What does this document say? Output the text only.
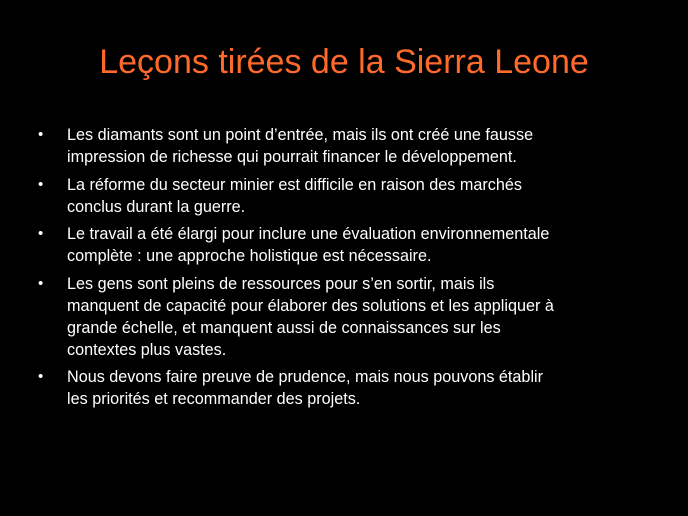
Leçons tirées de la Sierra Leone
• Les diamants sont un point d’entrée, mais ils ont créé une fausse
impression de richesse qui pourrait financer le développement.
• La réforme du secteur minier est difficile en raison des marchés
conclus durant la guerre.
• Le travail a été élargi pour inclure une évaluation environnementale
complète : une approche holistique est nécessaire.
• Les gens sont pleins de ressources pour s’en sortir, mais ils
manquent de capacité pour élaborer des solutions et les appliquer à
grande échelle, et manquent aussi de connaissances sur les
contextes plus vastes.
• Nous devons faire preuve de prudence, mais nous pouvons établir
les priorités et recommander des projets.
